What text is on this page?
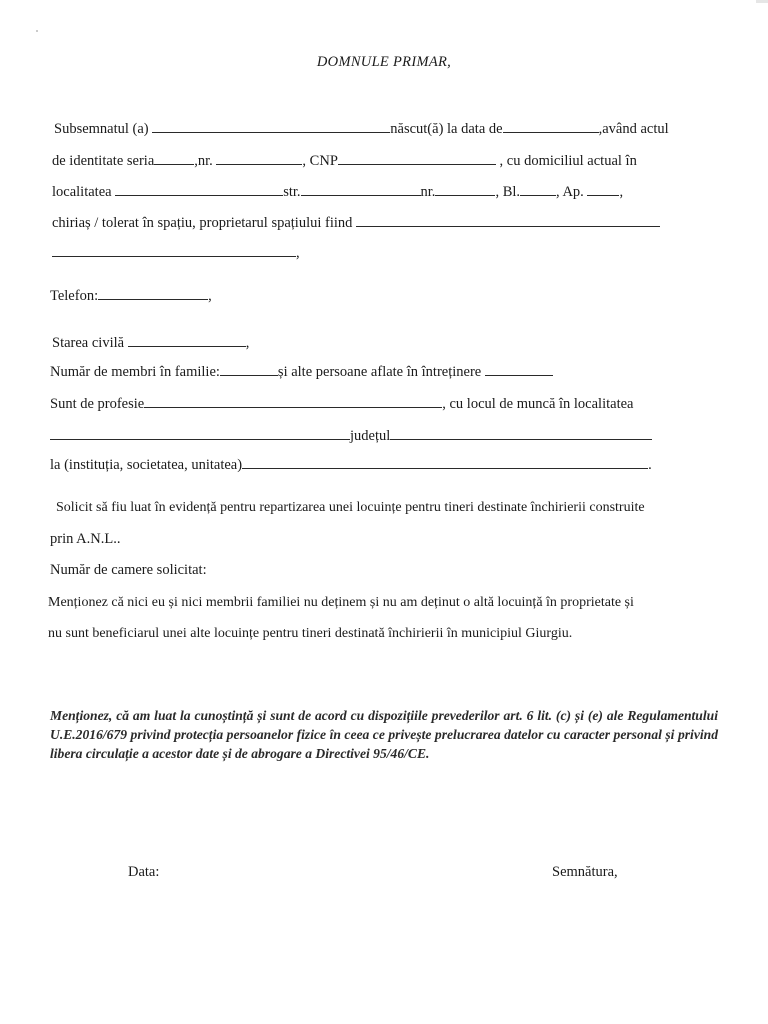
DOMNULE PRIMAR,
Subsemnatul (a)	născut(ă) la data de	,având actul
de identitate seria	,nr.	, CNP	, cu domiciliul actual în
localitatea	str.	nr.	, Bl. , Ap. ,
chiriaș / tolerat în spațiu, proprietarul spațiului fiind
,
Telefon:	,
Starea civilă	,
Număr de membri în familie:	și alte persoane aflate în întreținere
Sunt de profesie	, cu locul de muncă în localitatea
județul
la (instituția, societatea, unitatea)	.
Solicit să fiu luat în evidență pentru repartizarea unei locuințe pentru tineri destinate închirierii construite
prin A.N.L..
Număr de camere solicitat:
Menționez că nici eu și nici membrii familiei nu deținem și nu am deținut o altă locuință în proprietate și
nu sunt beneficiarul unei alte locuințe pentru tineri destinată închirierii în municipiul Giurgiu.
Menționez, că am luat la cunoștință și sunt de acord cu dispozițiile prevederilor art. 6 lit. (c) și (e) ale Regulamentului U.E.2016/679 privind protecția persoanelor fizice în ceea ce privește prelucrarea datelor cu caracter personal și privind libera circulație a acestor date și de abrogare a Directivei 95/46/CE.
Data:	Semnătura,
